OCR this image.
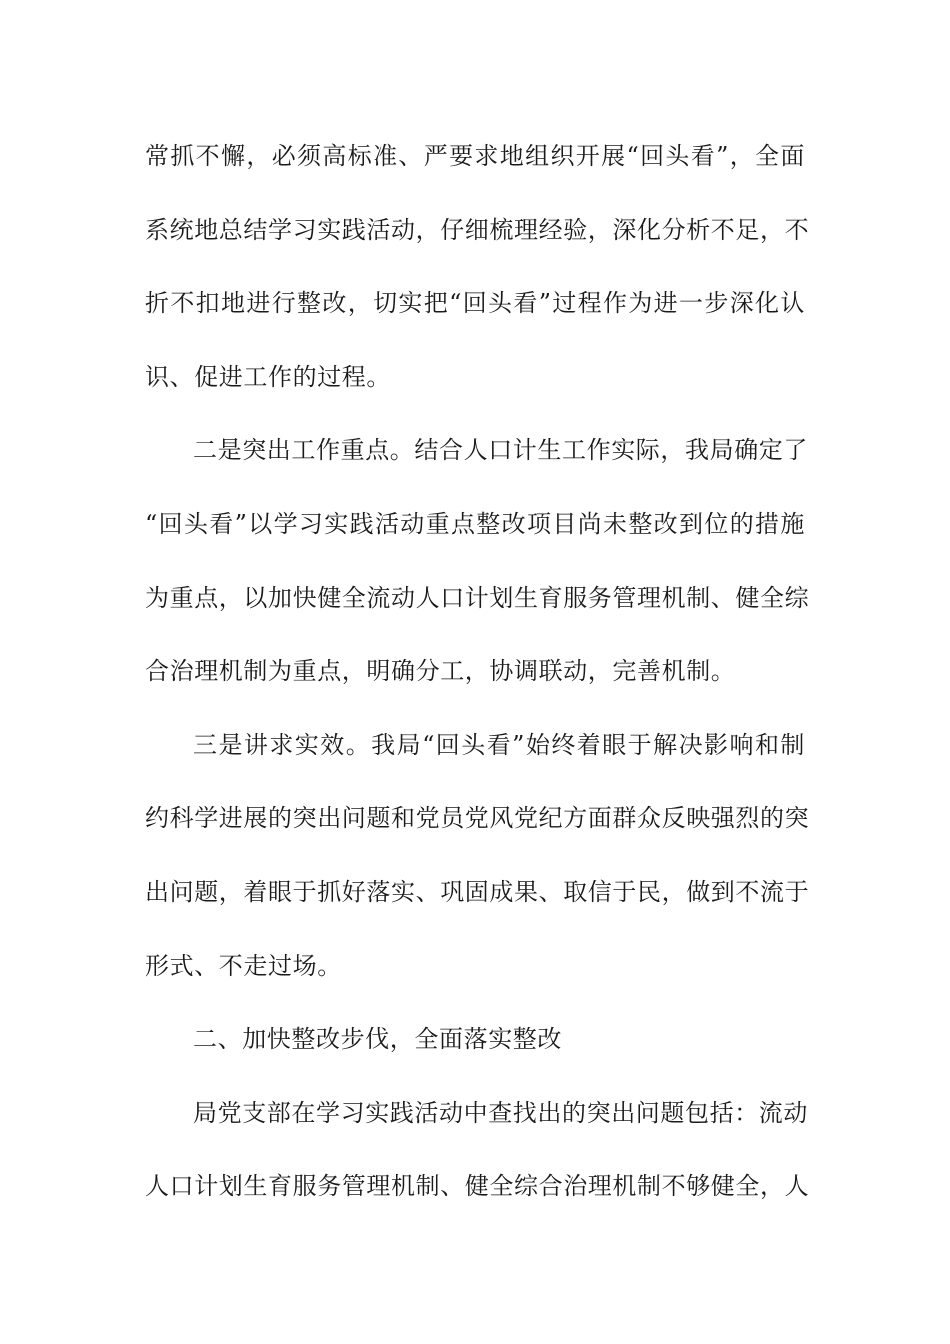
常抓不懈，必须高标准、严要求地组织开展“回头看”，全面
系统地总结学习实践活动，仔细梳理经验，深化分析不足，不
折不扣地进行整改，切实把“回头看”过程作为进一步深化认
识、促进工作的过程。
二是突出工作重点。结合人口计生工作实际，我局确定了
“回头看”以学习实践活动重点整改项目尚未整改到位的措施
为重点，以加快健全流动人口计划生育服务管理机制、健全综
合治理机制为重点，明确分工，协调联动，完善机制。
三是讲求实效。我局“回头看”始终着眼于解决影响和制
约科学进展的突出问题和党员党风党纪方面群众反映强烈的突
出问题，着眼于抓好落实、巩固成果、取信于民，做到不流于
形式、不走过场。
二、加快整改步伐，全面落实整改
局党支部在学习实践活动中查找出的突出问题包括：流动
人口计划生育服务管理机制、健全综合治理机制不够健全，人
